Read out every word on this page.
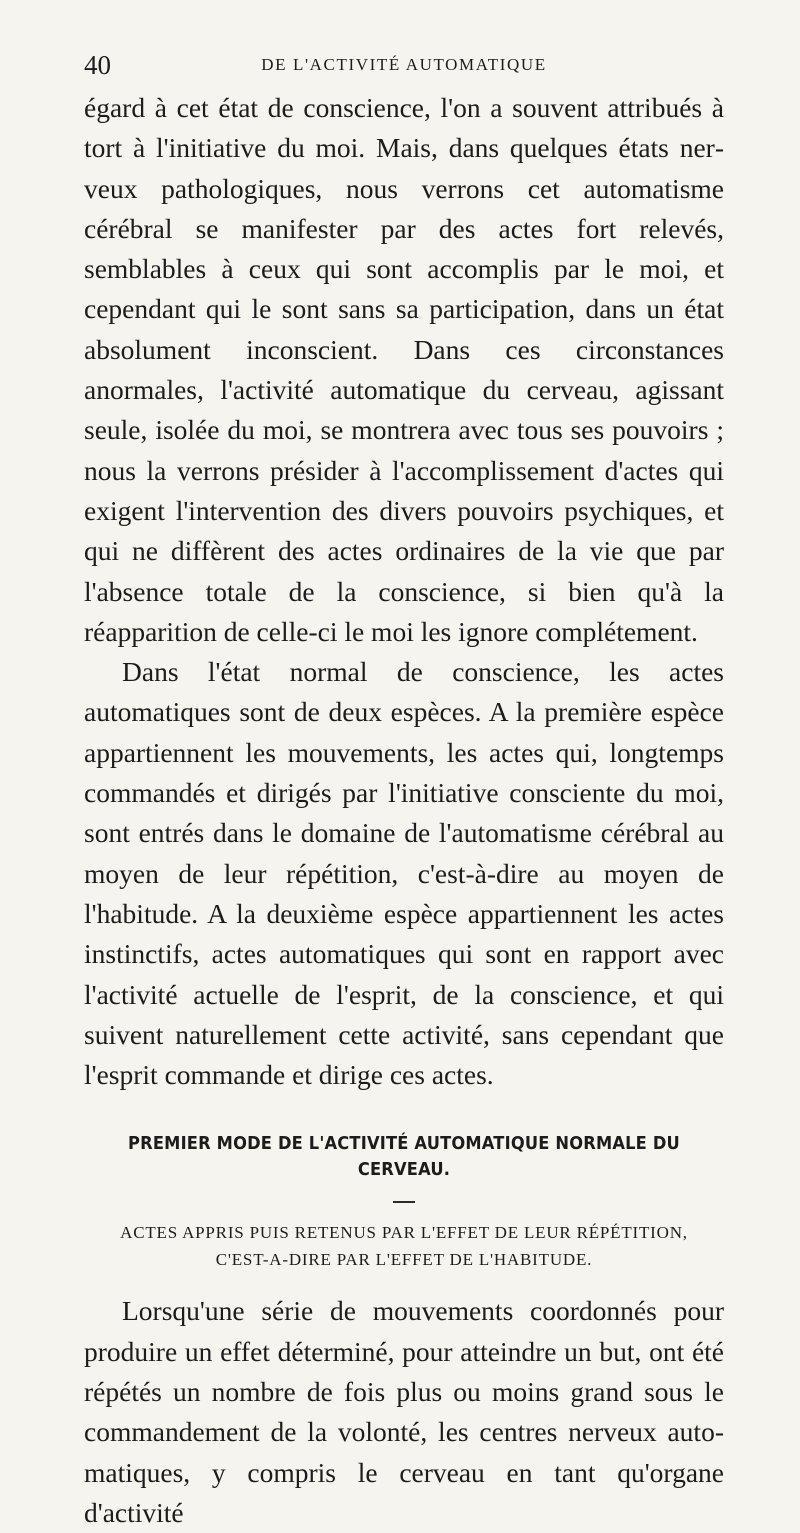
40	DE L'ACTIVITÉ AUTOMATIQUE

égard à cet état de conscience, l'on a souvent attribués à tort à l'initiative du moi. Mais, dans quelques états nerveux pathologiques, nous verrons cet automatisme cérébral se manifester par des actes fort relevés, semblables à ceux qui sont accomplis par le moi, et cependant qui le sont sans sa participation, dans un état absolument inconscient. Dans ces circonstances anormales, l'activité automatique du cerveau, agissant seule, isolée du moi, se montrera avec tous ses pouvoirs ; nous la verrons présider à l'accomplissement d'actes qui exigent l'intervention des divers pouvoirs psychiques, et qui ne diffèrent des actes ordinaires de la vie que par l'absence totale de la conscience, si bien qu'à la réapparition de celle-ci le moi les ignore complétement.

Dans l'état normal de conscience, les actes automatiques sont de deux espèces. A la première espèce appartiennent les mouvements, les actes qui, longtemps commandés et dirigés par l'initiative consciente du moi, sont entrés dans le domaine de l'automatisme cérébral au moyen de leur répétition, c'est-à-dire au moyen de l'habitude. A la deuxième espèce appartiennent les actes instinctifs, actes automatiques qui sont en rapport avec l'activité actuelle de l'esprit, de la conscience, et qui suivent naturellement cette activité, sans cependant que l'esprit commande et dirige ces actes.

PREMIER MODE DE L'ACTIVITÉ AUTOMATIQUE NORMALE DU CERVEAU.
ACTES APPRIS PUIS RETENUS PAR L'EFFET DE LEUR RÉPÉTITION,
C'EST-A-DIRE PAR L'EFFET DE L'HABITUDE.

Lorsqu'une série de mouvements coordonnés pour produire un effet déterminé, pour atteindre un but, ont été répétés un nombre de fois plus ou moins grand sous le commandement de la volonté, les centres nerveux automatiques, y compris le cerveau en tant qu'organe d'activité
